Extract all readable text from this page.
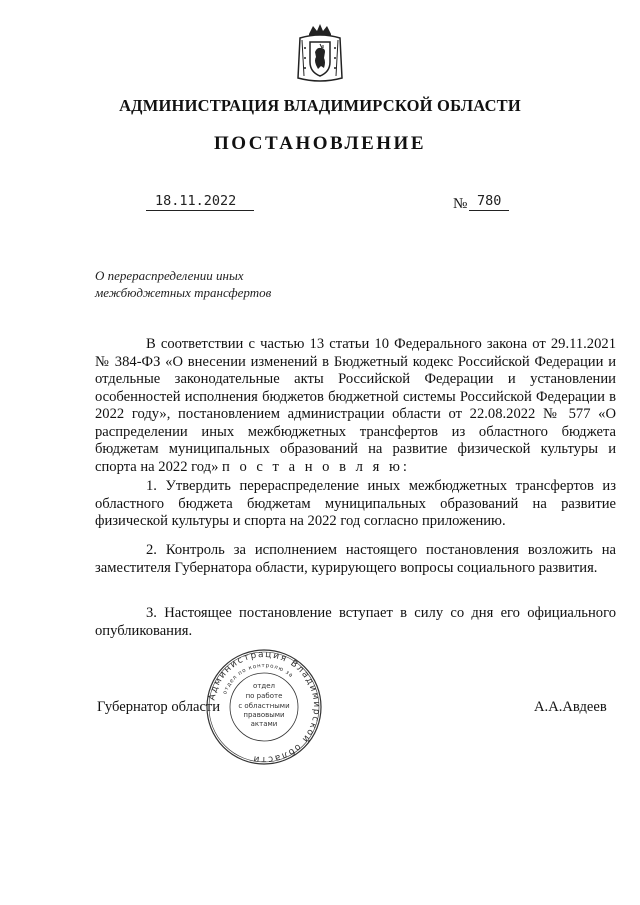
АДМИНИСТРАЦИЯ ВЛАДИМИРСКОЙ ОБЛАСТИ
ПОСТАНОВЛЕНИЕ
18.11.2022	№ 780
О перераспределении иных
межбюджетных трансфертов
В соответствии с частью 13 статьи 10 Федерального закона от 29.11.2021 № 384-ФЗ «О внесении изменений в Бюджетный кодекс Российской Федерации и отдельные законодательные акты Российской Федерации и установлении особенностей исполнения бюджетов бюджетной системы Российской Федерации в 2022 году», постановлением администрации области от 22.08.2022 № 577 «О распределении иных межбюджетных трансфертов из областного бюджета бюджетам муниципальных образований на развитие физической культуры и спорта на 2022 год» п о с т а н о в л я ю:
1. Утвердить перераспределение иных межбюджетных трансфертов из областного бюджета бюджетам муниципальных образований на развитие физической культуры и спорта на 2022 год согласно приложению.
2. Контроль за исполнением настоящего постановления возложить на заместителя Губернатора области, курирующего вопросы социального развития.
3. Настоящее постановление вступает в силу со дня его официального опубликования.
Губернатор области	А.А.Авдеев
Администрация Владимирской области
отдел по контролю за
отдел
по работе
с областными
правовыми
актами
